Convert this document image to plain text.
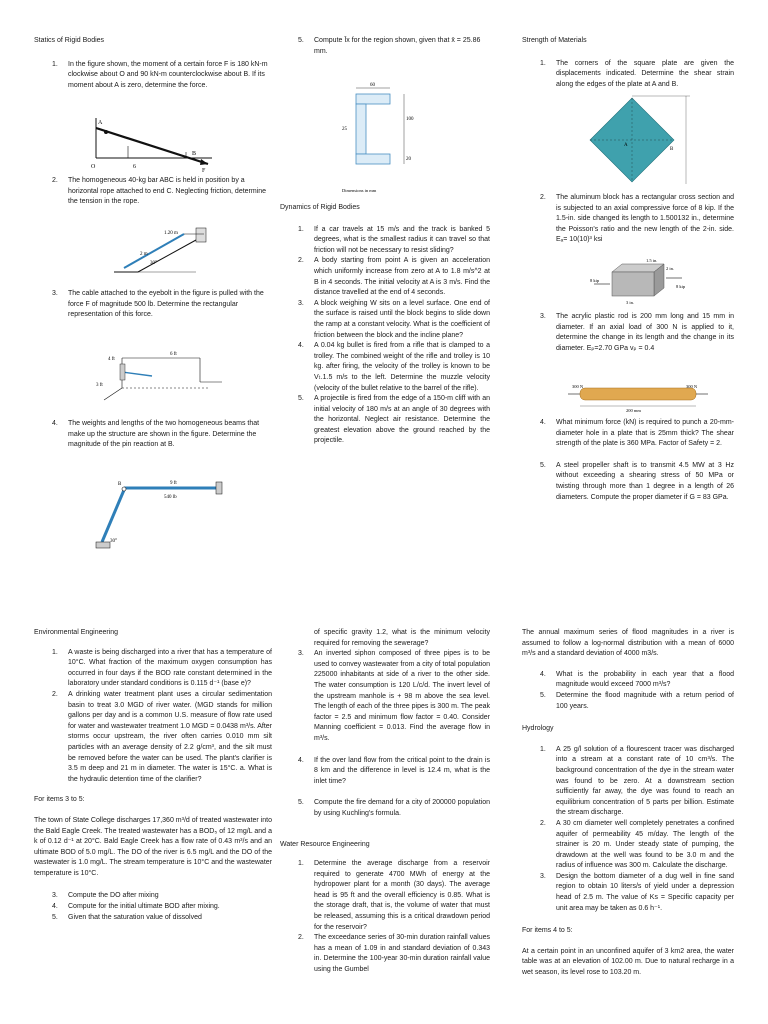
Statics of Rigid Bodies

1. In the figure shown, the moment of a certain force F is 180 kN-m clockwise about O and 90 kN-m counterclockwise about B. If its moment about A is zero, determine the force.
A
O
B
F
6
2. The homogeneous 40-kg bar ABC is held in position by a horizontal rope attached to end C. Neglecting friction, determine the tension in the rope.
30°
1.20 m
2 m
3. The cable attached to the eyebolt in the figure is pulled with the force F of magnitude 500 lb. Determine the rectangular representation of this force.
6 ft
3 ft
4 ft
4. The weights and lengths of the two homogeneous beams that make up the structure are shown in the figure. Determine the magnitude of the pin reaction at B.
9 ft
540 lb
B
30°
5. Compute Ῑx for the region shown, given that x̄ = 25.86 mm.
60
25
100
20
Dimensions in mm

Dynamics of Rigid Bodies

1. If a car travels at 15 m/s and the track is banked 5 degrees, what is the smallest radius it can travel so that friction will not be necessary to resist sliding?
2. A body starting from point A is given an acceleration which uniformly increase from zero at A to 1.8 m/s^2 at B in 4 seconds. The initial velocity at A is 3 m/s. Find the distance travelled at the end of 4 seconds.
3. A block weighing W sits on a level surface. One end of the surface is raised until the block begins to slide down the ramp at a constant velocity. What is the coefficient of friction between the block and the incline plane?
4. A 0.04 kg bullet is fired from a rifle that is clamped to a trolley. The combined weight of the rifle and trolley is 10 kg. after firing, the velocity of the trolley is known to be Vₜ.1.5 m/s to the left. Determine the muzzle velocity (velocity of the bullet relative to the barrel of the rifle).
5. A projectile is fired from the edge of a 150-m cliff with an initial velocity of 180 m/s at an angle of 30 degrees with the horizontal. Neglect air resistance. Determine the greatest elevation above the ground reached by the projectile.

Strength of Materials

1. The corners of the square plate are given the displacements indicated. Determine the shear strain along the edges of the plate at A and B.
A
B
2. The aluminum block has a rectangular cross section and is subjected to an axial compressive force of 8 kip. If the 1.5-in. side changed its length to 1.500132 in., determine the Poisson's ratio and the new length of the 2-in. side. Eₐ= 10(10)³ ksi
8 kip
8 kip
1.5 in.
2 in.
3 in.
3. The acrylic plastic rod is 200 mm long and 15 mm in diameter. If an axial load of 300 N is applied to it, determine the change in its length and the change in its diameter. Eₚ=2.70 GPa vₚ = 0.4
300 N	300 N
200 mm
4. What minimum force (kN) is required to punch a 20-mm-diameter hole in a plate that is 25mm thick? The shear strength of the plate is 360 MPa. Factor of Safety = 2.
5. A steel propeller shaft is to transmit 4.5 MW at 3 Hz without exceeding a shearing stress of 50 MPa or twisting through more than 1 degree in a length of 26 diameters. Compute the proper diameter if G = 83 GPa.

Environmental Engineering

1. A waste is being discharged into a river that has a temperature of 10°C. What fraction of the maximum oxygen consumption has occurred in four days if the BOD rate constant determined in the laboratory under standard conditions is 0.115 d⁻¹ (base e)?
2. A drinking water treatment plant uses a circular sedimentation basin to treat 3.0 MGD of river water. (MGD stands for million gallons per day and is a common U.S. measure of flow rate used for water and wastewater treatment 1.0 MGD = 0.0438 m³/s. After storms occur upstream, the river often carries 0.010 mm silt particles with an average density of 2.2 g/cm³, and the silt must be removed before the water can be used. The plant's clarifier is 3.5 m deep and 21 m in diameter. The water is 15°C. a. What is the hydraulic detention time of the clarifier?

For items 3 to 5:

The town of State College discharges 17,360 m³/d of treated wastewater into the Bald Eagle Creek. The treated wastewater has a BOD₅ of 12 mg/L and a k of 0.12 d⁻¹ at 20°C. Bald Eagle Creek has a flow rate of 0.43 m³/s and an ultimate BOD of 5.0 mg/L. The DO of the river is 6.5 mg/L and the DO of the wastewater is 1.0 mg/L. The stream temperature is 10°C and the wastewater temperature is 10°C.

3. Compute the DO after mixing
4. Compute for the initial ultimate BOD after mixing.
5. Given that the saturation value of dissolved
of specific gravity 1.2, what is the minimum velocity required for removing the sewerage?
3. An inverted siphon composed of three pipes is to be used to convey wastewater from a city of total population 225000 inhabitants at side of a river to the other side. The water consumption is 120 L/c/d. The invert level of the upstream manhole is + 98 m above the sea level. The length of each of the three pipes is 300 m. The peak factor = 2.5 and minimum flow factor = 0.40. Consider Manning coefficient = 0.013. Find the average flow in m³/s.
4. If the over land flow from the critical point to the drain is 8 km and the difference in level is 12.4 m, what is the inlet time?
5. Compute the fire demand for a city of 200000 population by using Kuchling's formula.

Water Resource Engineering

1. Determine the average discharge from a reservoir required to generate 4700 MWh of energy at the hydropower plant for a month (30 days). The average head is 95 ft and the overall efficiency is 0.85. What is the storage draft, that is, the volume of water that must be released, assuming this is a critical drawdown period for the reservoir?
2. The exceedance series of 30-min duration rainfall values has a mean of 1.09 in and standard deviation of 0.343 in. Determine the 100-year 30-min duration rainfall value using the Gumbel

The annual maximum series of flood magnitudes in a river is assumed to follow a log-normal distribution with a mean of 6000 m³/s and a standard deviation of 4000 m3/s.

4. What is the probability in each year that a flood magnitude would exceed 7000 m³/s?
5. Determine the flood magnitude with a return period of 100 years.

Hydrology

1. A 25 g/l solution of a flourescent tracer was discharged into a stream at a constant rate of 10 cm³/s. The background concentration of the dye in the stream water was found to be zero. At a downstream section sufficiently far away, the dye was found to reach an equilibrium concentration of 5 parts per billion. Estimate the stream discharge.
2. A 30 cm diameter well completely penetrates a confined aquifer of permeability 45 m/day. The length of the strainer is 20 m. Under steady state of pumping, the drawdown at the well was found to be 3.0 m and the radius of influence was 300 m. Calculate the discharge.
3. Design the bottom diameter of a dug well in fine sand region to obtain 10 liters/s of yield under a depression head of 2.5 m. The value of Ks = Specific capacity per unit area may be taken as 0.6 h⁻¹.

For items 4 to 5:

At a certain point in an unconfined aquifer of 3 km2 area, the water table was at an elevation of 102.00 m. Due to natural recharge in a wet season, its level rose to 103.20 m.
